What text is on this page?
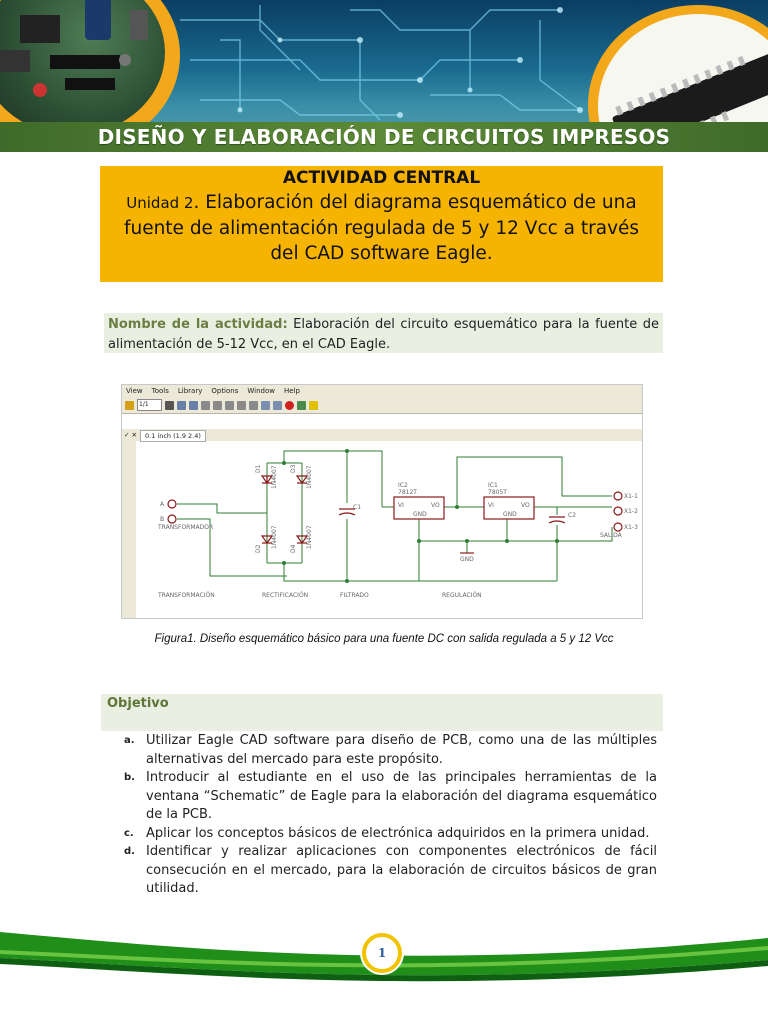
DISEÑO Y ELABORACIÓN DE CIRCUITOS IMPRESOS
ACTIVIDAD CENTRAL
Unidad 2. Elaboración del diagrama esquemático de una fuente de alimentación regulada de 5 y 12 Vcc a través del CAD software Eagle.
Nombre de la actividad: Elaboración del circuito esquemático para la fuente de alimentación de 5-12 Vcc, en el CAD Eagle.
View Tools Library Options Window Help
1/1
✓ ✕	0.1 inch (1.9 2.4)
A
B
TRANSFORMADOR
D1	D3
D2	D4
1N4007	1N4007
1N4007	1N4007
C1
C2
IC2
7812T
IC1
7805T
VI	VO
GND
VI	VO
GND
GND
X1-1
X1-2
X1-3
SALIDA
TRANSFORMACIÓN	RECTIFICACIÓN	FILTRADO	REGULACIÓN
Figura1. Diseño esquemático básico para una fuente DC con salida regulada a 5 y 12 Vcc
Objetivo
a. Utilizar Eagle CAD software para diseño de PCB, como una de las múltiples alternativas del mercado para este propósito.
b. Introducir al estudiante en el uso de las principales herramientas de la ventana “Schematic” de Eagle para la elaboración del diagrama esquemático de la PCB.
c. Aplicar los conceptos básicos de electrónica adquiridos en la primera unidad.
d. Identificar y realizar aplicaciones con componentes electrónicos de fácil consecución en el mercado, para la elaboración de circuitos básicos de gran utilidad.
1
